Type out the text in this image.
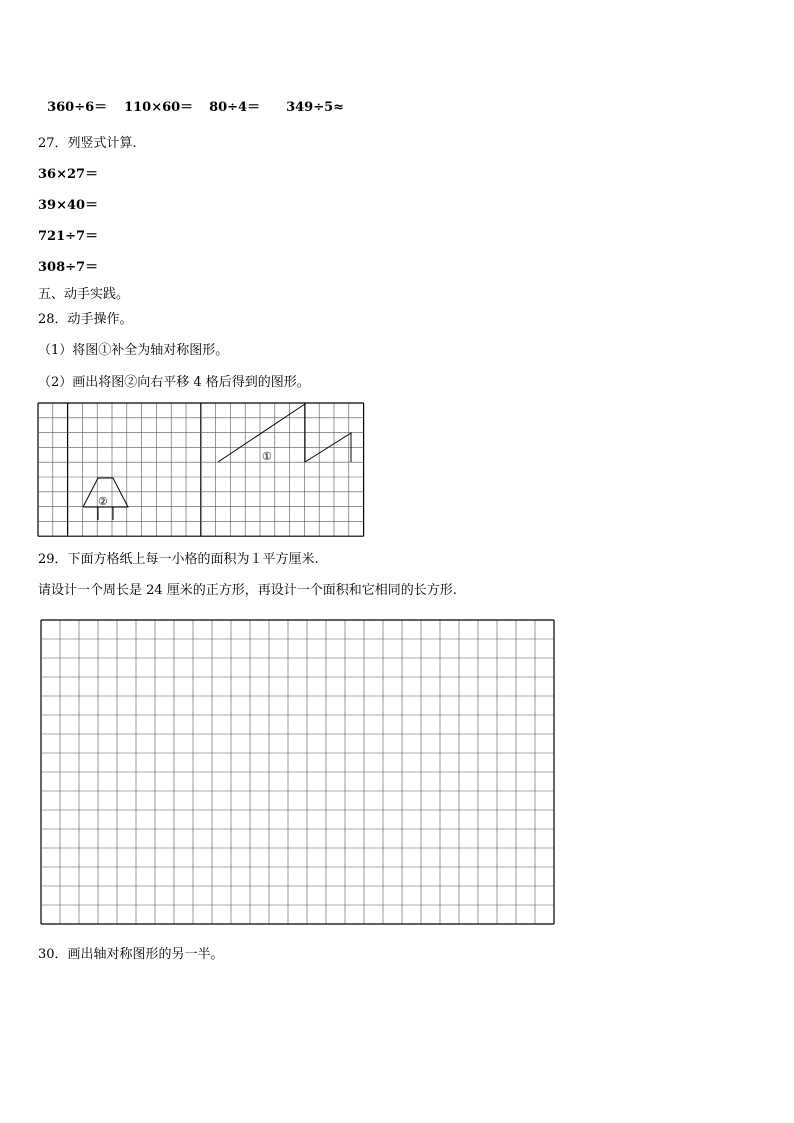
360÷6＝ 110×60＝ 80÷4＝ 349÷5≈

27．列竖式计算.
36×27＝
39×40＝
721÷7＝
308÷7＝
五、动手实践。
28．动手操作。
（1）将图①补全为轴对称图形。
（2）画出将图②向右平移 4 格后得到的图形。
①
②
29．下面方格纸上每一小格的面积为１平方厘米.
请设计一个周长是 24 厘米的正方形，再设计一个面积和它相同的长方形.
30．画出轴对称图形的另一半。
